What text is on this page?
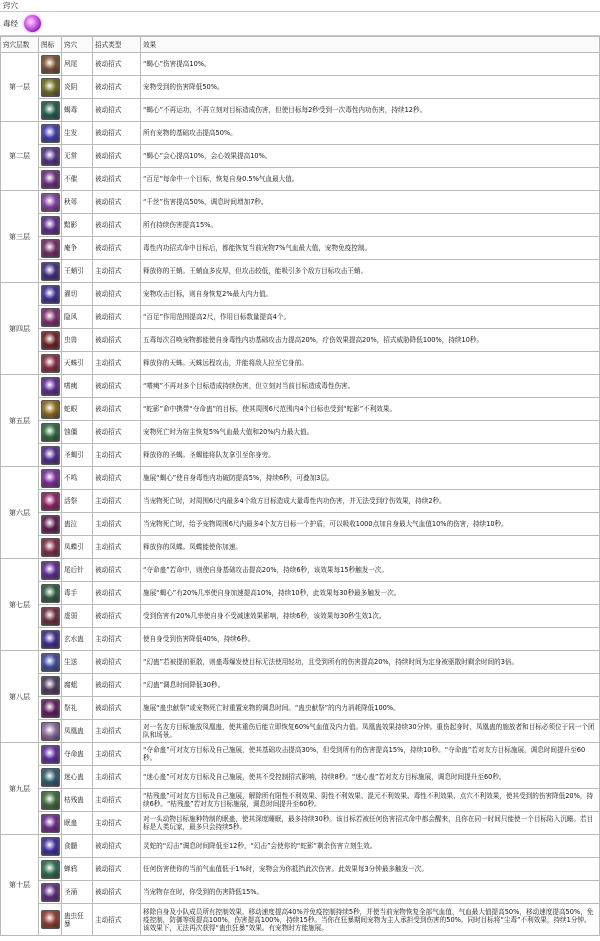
窍穴
毒经
窍穴层数	图标	窍穴	招式类型	效果
第一层		夙尾	被动招式	“蝎心”伤害提高10%。

		炎阴	被动招式	宠物受到的伤害降低50%。

		蝎毒	被动招式	“蝎心”不再运功，不再立刻对目标造成伤害，但使目标每2秒受到一次毒性内功伤害，持续12秒。
第二层		生发	被动招式	所有宠物的基础攻击提高50%。

		无常	被动招式	“蝎心”会心提高10%，会心效果提高10%。

		不催	被动招式	“百足”每命中一个目标，恢复自身0.5%气血最大值。
第三层		秋萼	被动招式	“千丝”伤害提高50%，调息时间增加7秒。

		黯影	被动招式	所有持续伤害提高15%。

		庵争	被动招式	毒性内功招式命中目标后，都能恢复当前宠物7%气血最大值，宠物免疫控制。

		王蛸引	主动招式	释放你的王蛸。王蛸血多皮厚，但攻击较低，能吸引多个敌方目标攻击王蛸。
第四层		濯切	被动招式	宠物攻击目标，则自身恢复2%最大内力值。

		隐风	被动招式	“百足”作用范围提高2尺，作用目标数量提高4个。

		虫兽	被动招式	五毒每次召唤宠物都能使自身毒性内功基础攻击力提高20%，疗伤效果提高20%，招式威胁降低100%，持续10秒。

		天蛛引	主动招式	释放你的天蛛。天蛛远程攻击，并能将敌人拉至它身前。
第五层		嗜痍	被动招式	“嗜痍”不再对多个目标造成持续伤害，但立刻对当前目标造成毒性伤害。

		蛇眼	被动招式	“蛇影”命中携带“夺命蛊”的目标，使其周围6尺范围内4个目标也受到“蛇影”不利效果。

		蚀僵	被动招式	宠物死亡时为宿主恢复5%气血最大值和20%内力最大值。

		圣蝎引	主动招式	释放你的圣蝎。圣蝎能将队友拿引至你身旁。
第六层		不鸣	被动招式	施展“蝎心”使自身毒性内功破防提高5%，持续6秒，可叠加3层。

		活祭	主动招式	当宠物死亡时，对周围6尺内最多4个敌方目标造成大量毒性内功伤害，并无法受到疗伤效果，持续2秒。

		蛊泣	主动招式	当宠物死亡时，给予宠物周围6尺内最多4个友方目标一个护盾，可以吸收1000点加自身最大气血值10%的伤害，持续10秒。

		凤蝶引	主动招式	释放你的凤蝶。凤蝶能使你加速。
第七层		尾后针	被动招式	“夺命蛊”若命中，则使自身基础攻击提高20%，持续6秒，该效果每15秒触发一次。

		毒手	被动招式	施展“蝎心”有20%几率使自身加速提高10%，持续10秒，此效果每30秒最多触发一次。

		虚弱	被动招式	受到伤害有20%几率使自身不受减速效果影响，持续6秒，该效果每30秒生效1次。

		玄水蛊	主动招式	使自身受到伤害降低40%，持续6秒。
第八层		生送	被动招式	“幻蛊”若被提前驱散，则蛊毒爆发使目标无法使用轻功，且受到所有的伤害提高20%，持续时间为定身被驱散时剩余时间的3倍。

		腐蛆	被动招式	“幻蛊”调息时间降低30秒。

		祭礼	被动招式	施展“蛊虫献祭”或宠物死亡时重置宠物的调息时间。“蛊虫献祭”的内力消耗降低100%。

		凤凰蛊	主动招式	对一名友方目标施放凤凰蛊，使其重伤后能立即恢复60%气血值及内力值。凤凰蛊效果持续30分钟。重伤起身时，凤凰蛊的施放者和目标必须位于同一个团队和场景。
第九层		夺命蛊	主动招式	“夺命蛊”可对友方目标及自己施展，使其基础攻击提高30%，但受到所有的伤害提高15%，持续10秒。“夺命蛊”若对友方目标施展，调息时间提升至60秒。

		迷心蛊	主动招式	“迷心蛊”可对友方目标及自己施展，使其不受控制招式影响，持续8秒。“迷心蛊”若对友方目标施展，调息时间提升至60秒。

		枯残蛊	主动招式	“枯残蛊”可对友方目标及自己施展，解除所有阳性不利效果、阴性不利效果、混元不利效果、毒性不利效果、点穴不利效果，使其受到的伤害降低20%，持续6秒。“枯残蛊”若对友方目标施展，调息时间提升至60秒。

		眠蛊	主动招式	对一头动物目标施种特制的眠蛊，使其深度睡眠，最多持续30秒。该目标若被任何伤害招式命中都会醒来，且你在同一时间只能使一个目标陷入沉睡。若目标是人类玩家，最多只会持续5秒。
第十层		食髓	被动招式	灵蛇的“幻击”调息时间降低至12秒，“幻击”会使你的“蛇影”剩余伤害立刻生效。

		蝉鸦	被动招式	任何伤害使你的当前气血值低于1%时，宠物会为你抵挡此次伤害。此效果每3分钟最多触发一次。

		圣涌	被动招式	当宠物存在时，你受到的伤害降低15%。

		蛊虫狂暴	主动招式	移除自身及小队成员所有控制效果，移动速度提高40%并免疫控制持续5秒，并使当前宠物恢复全部气血值，气血最大值提高50%，移动速度提高50%，免疫控制，防御等级提高100%，伤害提高100%，持续15秒。当你在狂暴期间宠物为主人承担受到伤害的50%。同时目标将“尘毒”不利效果，持续1分钟。该效果下，无法再次获得“蛊虫狂暴”效果。有宠物时方能施展。
